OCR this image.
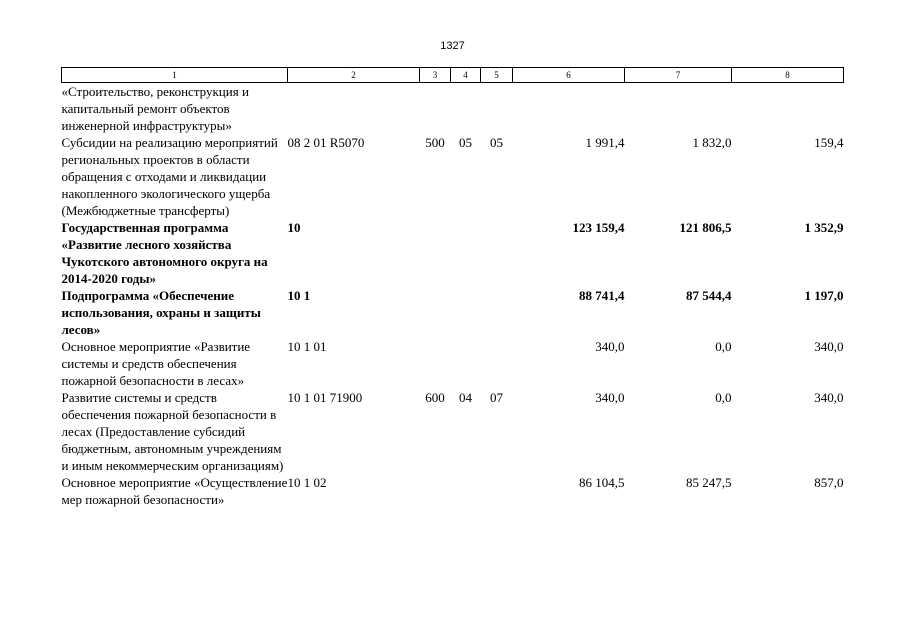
1327
1	2	3	4	5	6	7	8
«Строительство, реконструкция и капитальный ремонт объектов инженерной инфраструктуры»							
Субсидии на реализацию мероприятий региональных проектов в области обращения с отходами и ликвидации накопленного экологического ущерба (Межбюджетные трансферты)	08 2 01 R5070	500	05	05	1 991,4	1 832,0	159,4
Государственная программа «Развитие лесного хозяйства Чукотского автономного округа на 2014-2020 годы»	10				123 159,4	121 806,5	1 352,9
Подпрограмма «Обеспечение использования, охраны и защиты лесов»	10 1				88 741,4	87 544,4	1 197,0
Основное мероприятие «Развитие системы и средств обеспечения пожарной безопасности в лесах»	10 1 01				340,0	0,0	340,0
Развитие системы и средств обеспечения пожарной безопасности в лесах (Предоставление субсидий бюджетным, автономным учреждениям и иным некоммерческим организациям)	10 1 01 71900	600	04	07	340,0	0,0	340,0
Основное мероприятие «Осуществление мер пожарной безопасности»	10 1 02				86 104,5	85 247,5	857,0
